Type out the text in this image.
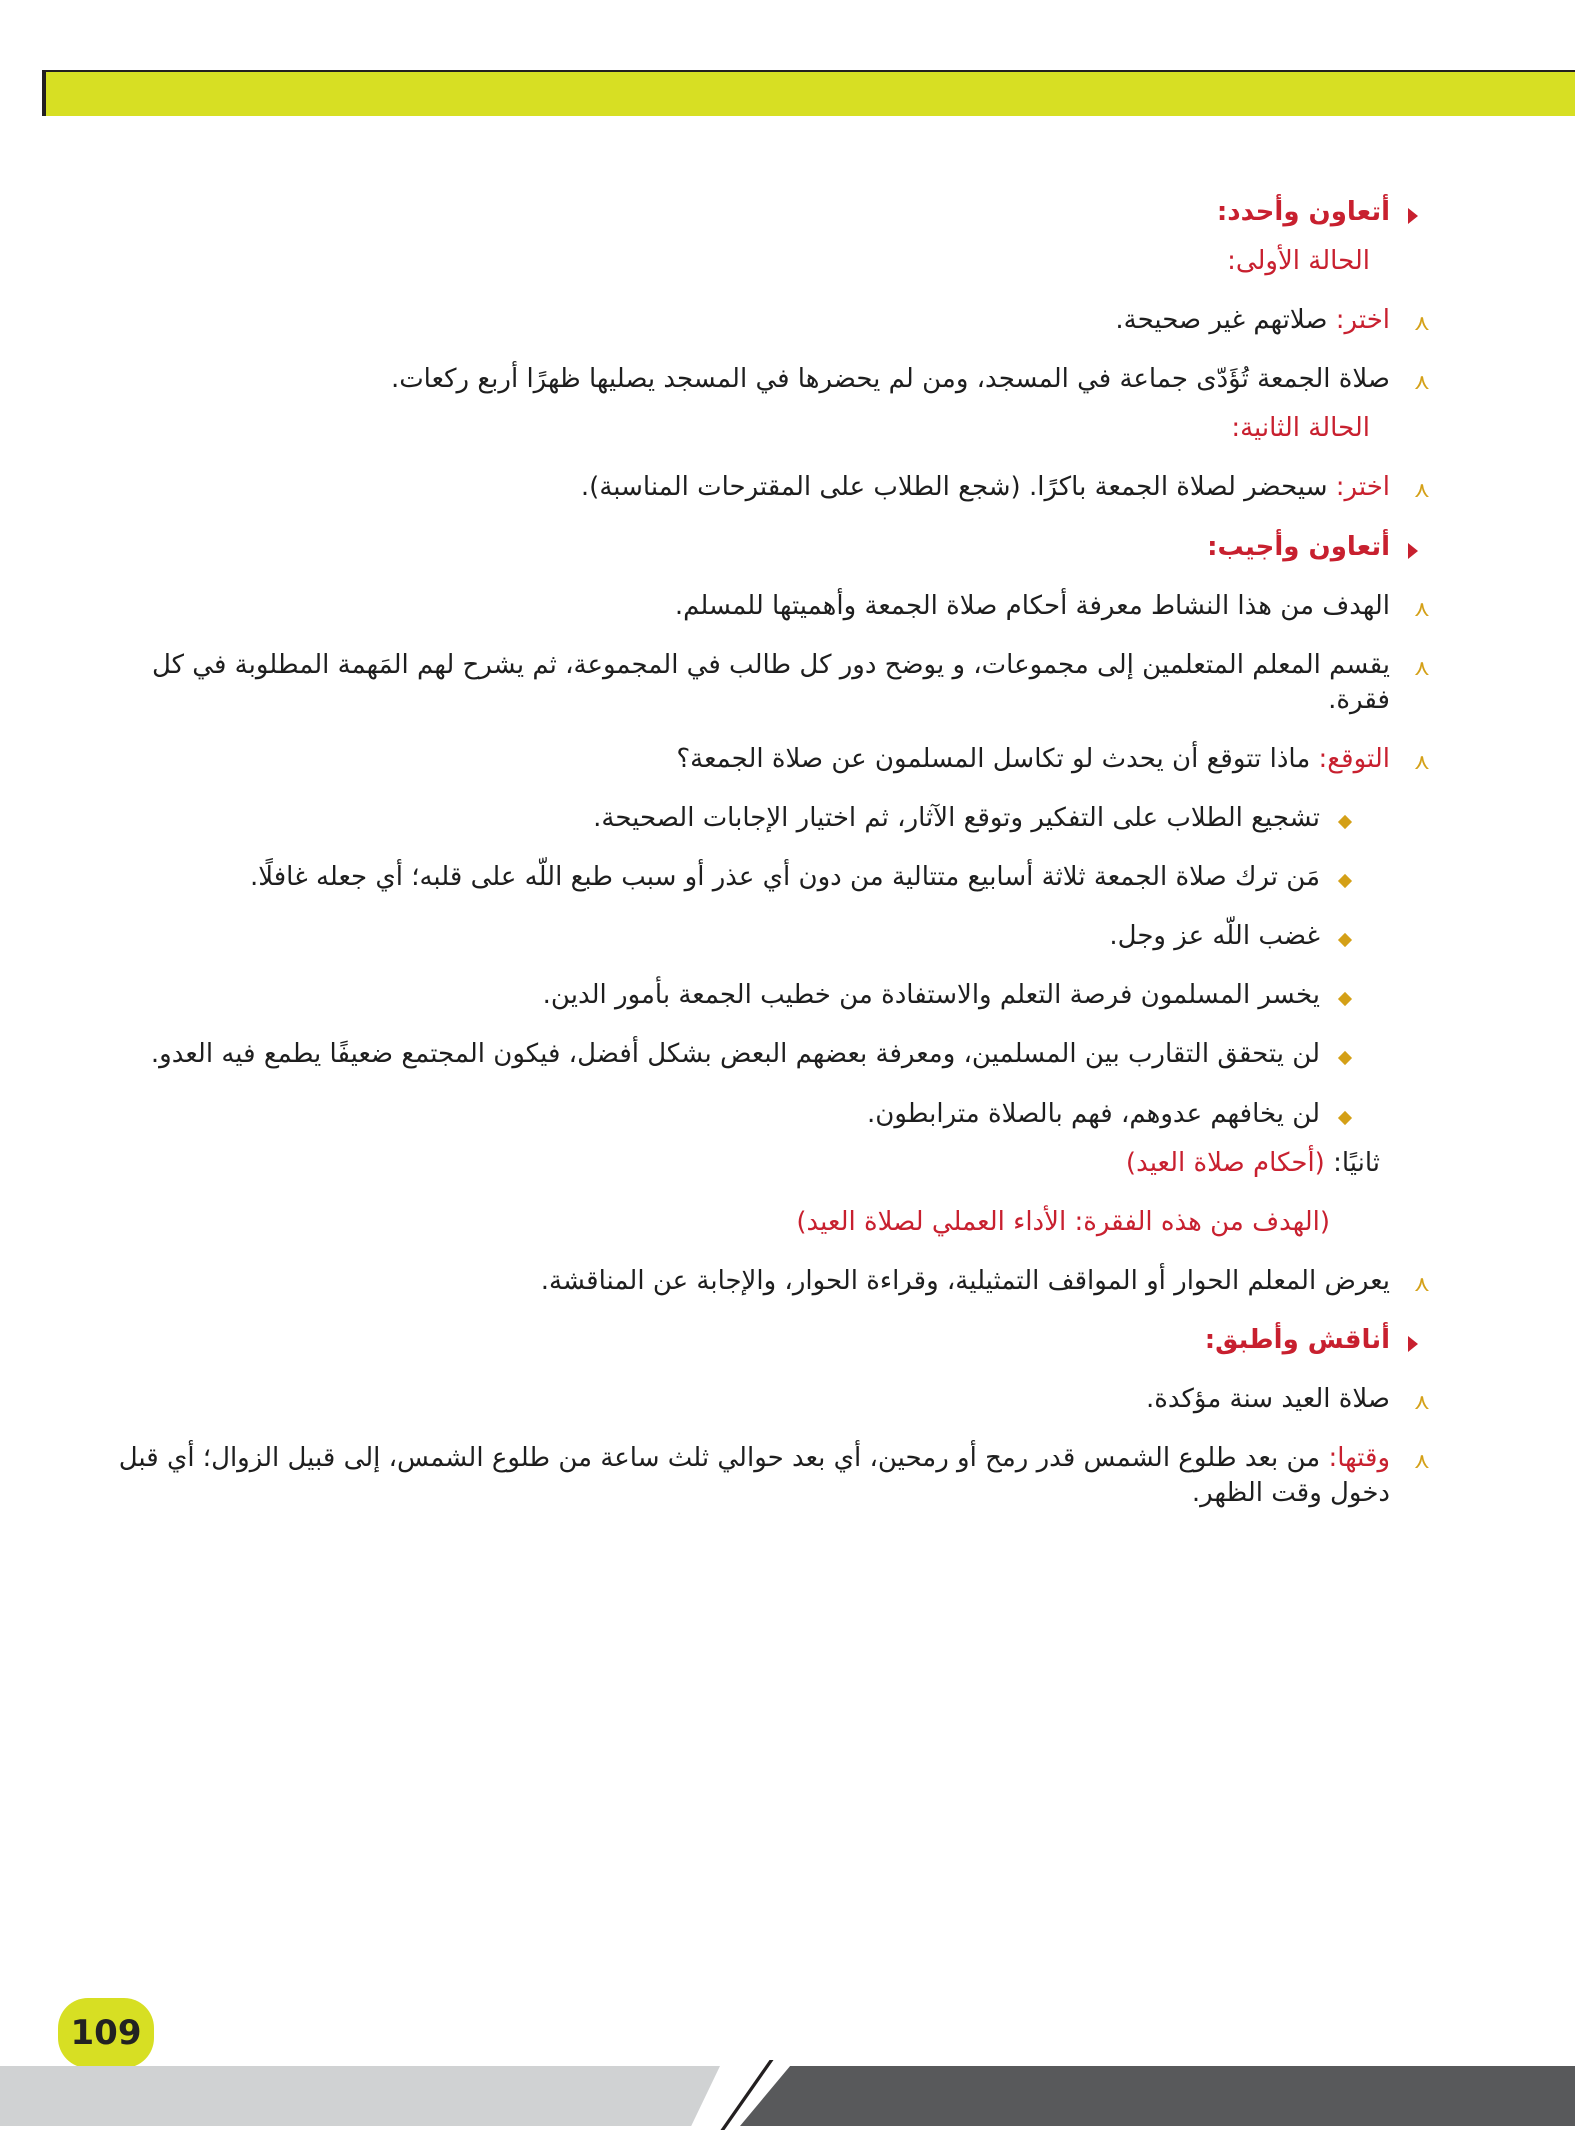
أتعاون وأحدد:

الحالة الأولى:

⋏
اختر: صلاتهم غير صحيحة.

⋏
صلاة الجمعة تُؤَدّى جماعة في المسجد، ومن لم يحضرها في المسجد يصليها ظهرًا أربع ركعات.

الحالة الثانية:

⋏
اختر: سيحضر لصلاة الجمعة باكرًا. (شجع الطلاب على المقترحات المناسبة).

أتعاون وأجيب:

⋏
الهدف من هذا النشاط معرفة أحكام صلاة الجمعة وأهميتها للمسلم.

⋏
يقسم المعلم المتعلمين إلى مجموعات، و يوضح دور كل طالب في المجموعة، ثم يشرح لهم المَهمة المطلوبة في كل فقرة.

⋏
التوقع: ماذا تتوقع أن يحدث لو تكاسل المسلمون عن صلاة الجمعة؟

تشجيع الطلاب على التفكير وتوقع الآثار، ثم اختيار الإجابات الصحيحة.

مَن ترك صلاة الجمعة ثلاثة أسابيع متتالية من دون أي عذر أو سبب طبع اللّه على قلبه؛ أي جعله غافلًا.

غضب اللّه عز وجل.

يخسر المسلمون فرصة التعلم والاستفادة من خطيب الجمعة بأمور الدين.

لن يتحقق التقارب بين المسلمين، ومعرفة بعضهم البعض بشكل أفضل، فيكون المجتمع ضعيفًا يطمع فيه العدو.

لن يخافهم عدوهم، فهم بالصلاة مترابطون.

ثانيًا: (أحكام صلاة العيد)

(الهدف من هذه الفقرة: الأداء العملي لصلاة العيد)

⋏
يعرض المعلم الحوار أو المواقف التمثيلية، وقراءة الحوار، والإجابة عن المناقشة.

أناقش وأطبق:

⋏
صلاة العيد سنة مؤكدة.

⋏
وقتها: من بعد طلوع الشمس قدر رمح أو رمحين، أي بعد حوالي ثلث ساعة من طلوع الشمس، إلى قبيل الزوال؛ أي قبل دخول وقت الظهر.

109
